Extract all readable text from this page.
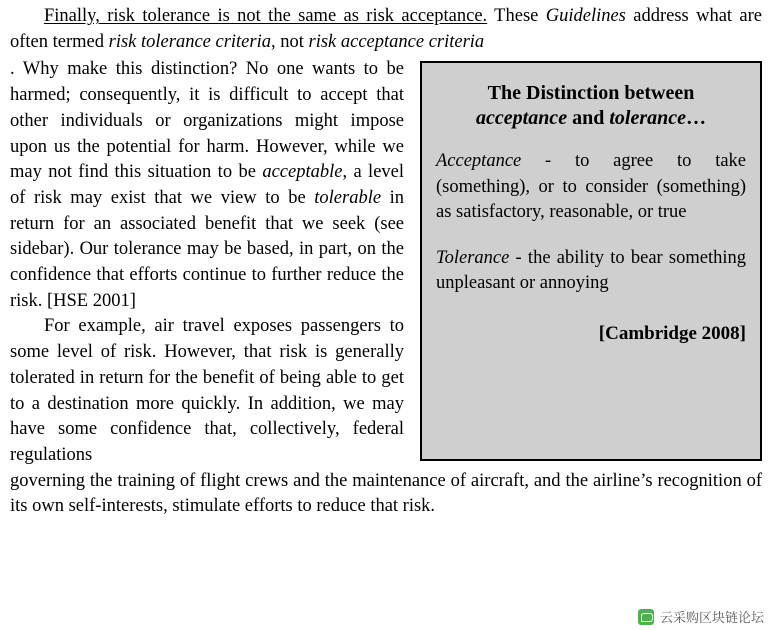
Finally, risk tolerance is not the same as risk acceptance. These Guidelines address what are often termed risk tolerance criteria, not risk acceptance criteria

The Distinction between
acceptance and tolerance…

Acceptance - to agree to take (something), or to consider (something) as satisfactory, reasonable, or true

Tolerance - the ability to bear something unpleasant or annoying

[Cambridge 2008]

. Why make this distinction? No one wants to be harmed; consequently, it is difficult to accept that other individuals or organizations might impose upon us the potential for harm. However, while we may not find this situation to be acceptable, a level of risk may exist that we view to be tolerable in return for an associated benefit that we seek (see sidebar). Our tolerance may be based, in part, on the confidence that efforts continue to further reduce the risk. [HSE 2001]

For example, air travel exposes passengers to some level of risk. However, that risk is generally tolerated in return for the benefit of being able to get to a destination more quickly. In addition, we may have some confidence that, collectively, federal regulations

governing the training of flight crews and the maintenance of aircraft, and the airline’s recognition of its own self-interests, stimulate efforts to reduce that risk.

云采购区块链论坛
